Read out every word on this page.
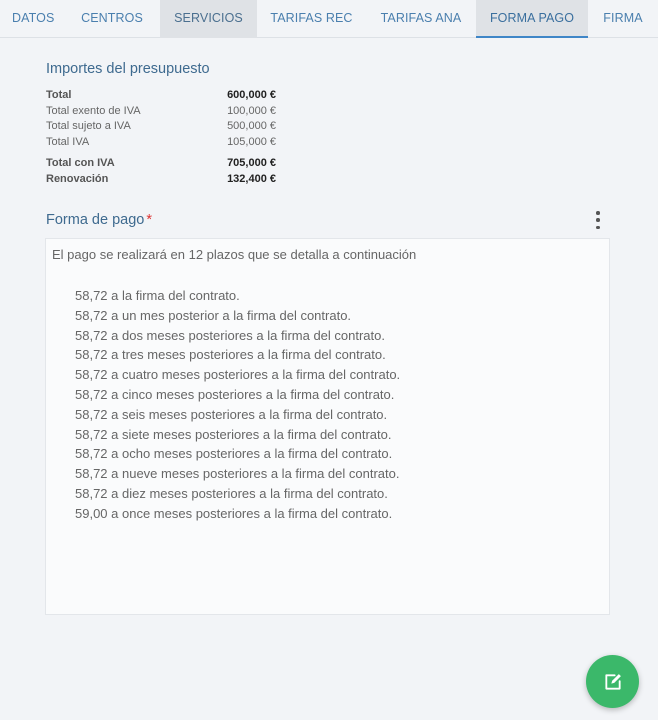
DATOS	CENTROS	SERVICIOS	TARIFAS REC	TARIFAS ANA	FORMA PAGO	FIRMA
Importes del presupuesto
Total	600,000 €
Total exento de IVA	100,000 €
Total sujeto a IVA	500,000 €
Total IVA	105,000 €
Total con IVA	705,000 €
Renovación	132,400 €
Forma de pago *
El pago se realizará en 12 plazos que se detalla a continuación
58,72 a la firma del contrato.
58,72 a un mes posterior a la firma del contrato.
58,72 a dos meses posteriores a la firma del contrato.
58,72 a tres meses posteriores a la firma del contrato.
58,72 a cuatro meses posteriores a la firma del contrato.
58,72 a cinco meses posteriores a la firma del contrato.
58,72 a seis meses posteriores a la firma del contrato.
58,72 a siete meses posteriores a la firma del contrato.
58,72 a ocho meses posteriores a la firma del contrato.
58,72 a nueve meses posteriores a la firma del contrato.
58,72 a diez meses posteriores a la firma del contrato.
59,00 a once meses posteriores a la firma del contrato.
